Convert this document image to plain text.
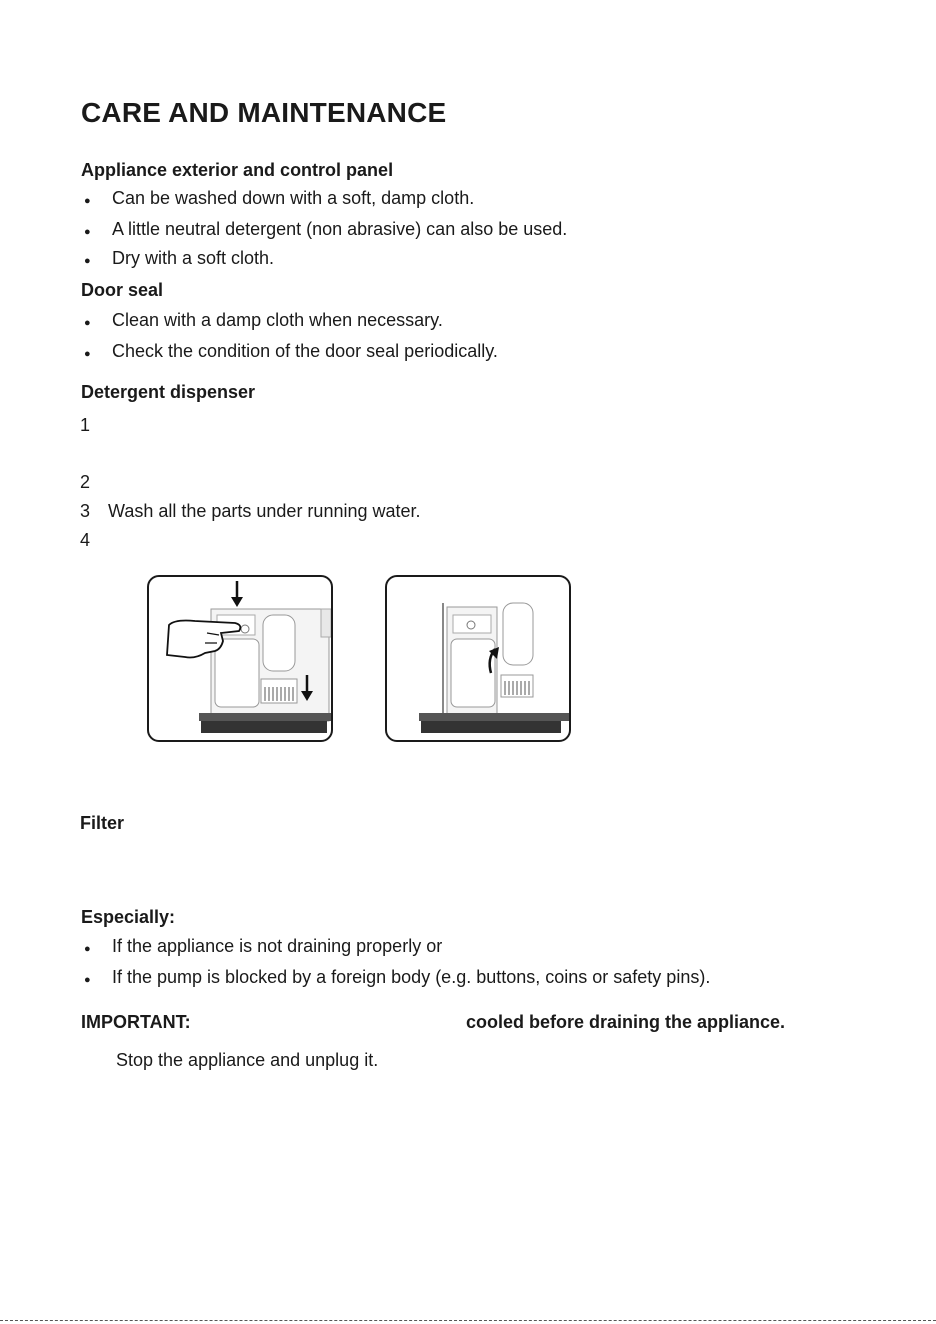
CARE AND MAINTENANCE
Appliance exterior and control panel
● Can be washed down with a soft, damp cloth.
● A little neutral detergent (non abrasive) can also be used.
● Dry with a soft cloth.
Door seal
● Clean with a damp cloth when necessary.
● Check the condition of the door seal periodically.
Detergent dispenser
1
2
3 Wash all the parts under running water.
4
Filter
Especially:
● If the appliance is not draining properly or
● If the pump is blocked by a foreign body (e.g. buttons, coins or safety pins).
IMPORTANT:	cooled before draining the appliance.
Stop the appliance and unplug it.
